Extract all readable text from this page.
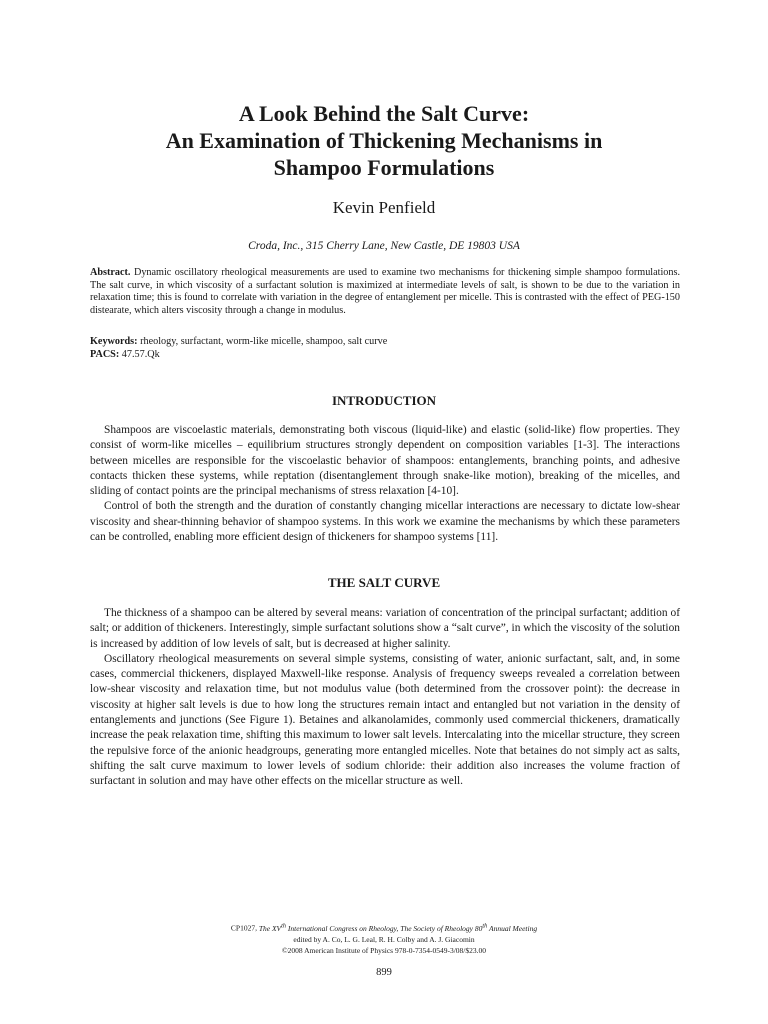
A Look Behind the Salt Curve:
An Examination of Thickening Mechanisms in
Shampoo Formulations
Kevin Penfield
Croda, Inc., 315 Cherry Lane, New Castle, DE 19803 USA
Abstract. Dynamic oscillatory rheological measurements are used to examine two mechanisms for thickening simple shampoo formulations. The salt curve, in which viscosity of a surfactant solution is maximized at intermediate levels of salt, is shown to be due to the variation in relaxation time; this is found to correlate with variation in the degree of entanglement per micelle. This is contrasted with the effect of PEG-150 distearate, which alters viscosity through a change in modulus.
Keywords: rheology, surfactant, worm-like micelle, shampoo, salt curve
PACS: 47.57.Qk
INTRODUCTION

Shampoos are viscoelastic materials, demonstrating both viscous (liquid-like) and elastic (solid-like) flow properties. They consist of worm-like micelles – equilibrium structures strongly dependent on composition variables [1-3]. The interactions between micelles are responsible for the viscoelastic behavior of shampoos: entanglements, branching points, and adhesive contacts thicken these systems, while reptation (disentanglement through snake-like motion), breaking of the micelles, and sliding of contact points are the principal mechanisms of stress relaxation [4-10].

Control of both the strength and the duration of constantly changing micellar interactions are necessary to dictate low-shear viscosity and shear-thinning behavior of shampoo systems. In this work we examine the mechanisms by which these parameters can be controlled, enabling more efficient design of thickeners for shampoo systems [11].

THE SALT CURVE

The thickness of a shampoo can be altered by several means: variation of concentration of the principal surfactant; addition of salt; or addition of thickeners. Interestingly, simple surfactant solutions show a “salt curve”, in which the viscosity of the solution is increased by addition of low levels of salt, but is decreased at higher salinity.

Oscillatory rheological measurements on several simple systems, consisting of water, anionic surfactant, salt, and, in some cases, commercial thickeners, displayed Maxwell-like response. Analysis of frequency sweeps revealed a correlation between low-shear viscosity and relaxation time, but not modulus value (both determined from the crossover point): the decrease in viscosity at higher salt levels is due to how long the structures remain intact and entangled but not variation in the density of entanglements and junctions (See Figure 1). Betaines and alkanolamides, commonly used commercial thickeners, dramatically increase the peak relaxation time, shifting this maximum to lower salt levels. Intercalating into the micellar structure, they screen the repulsive force of the anionic headgroups, generating more entangled micelles. Note that betaines do not simply act as salts, shifting the salt curve maximum to lower levels of sodium chloride: their addition also increases the volume fraction of surfactant in solution and may have other effects on the micellar structure as well.

CP1027, The XVth International Congress on Rheology, The Society of Rheology 80th Annual Meeting
edited by A. Co, L. G. Leal, R. H. Colby and A. J. Giacomin
©2008 American Institute of Physics 978-0-7354-0549-3/08/$23.00
899
